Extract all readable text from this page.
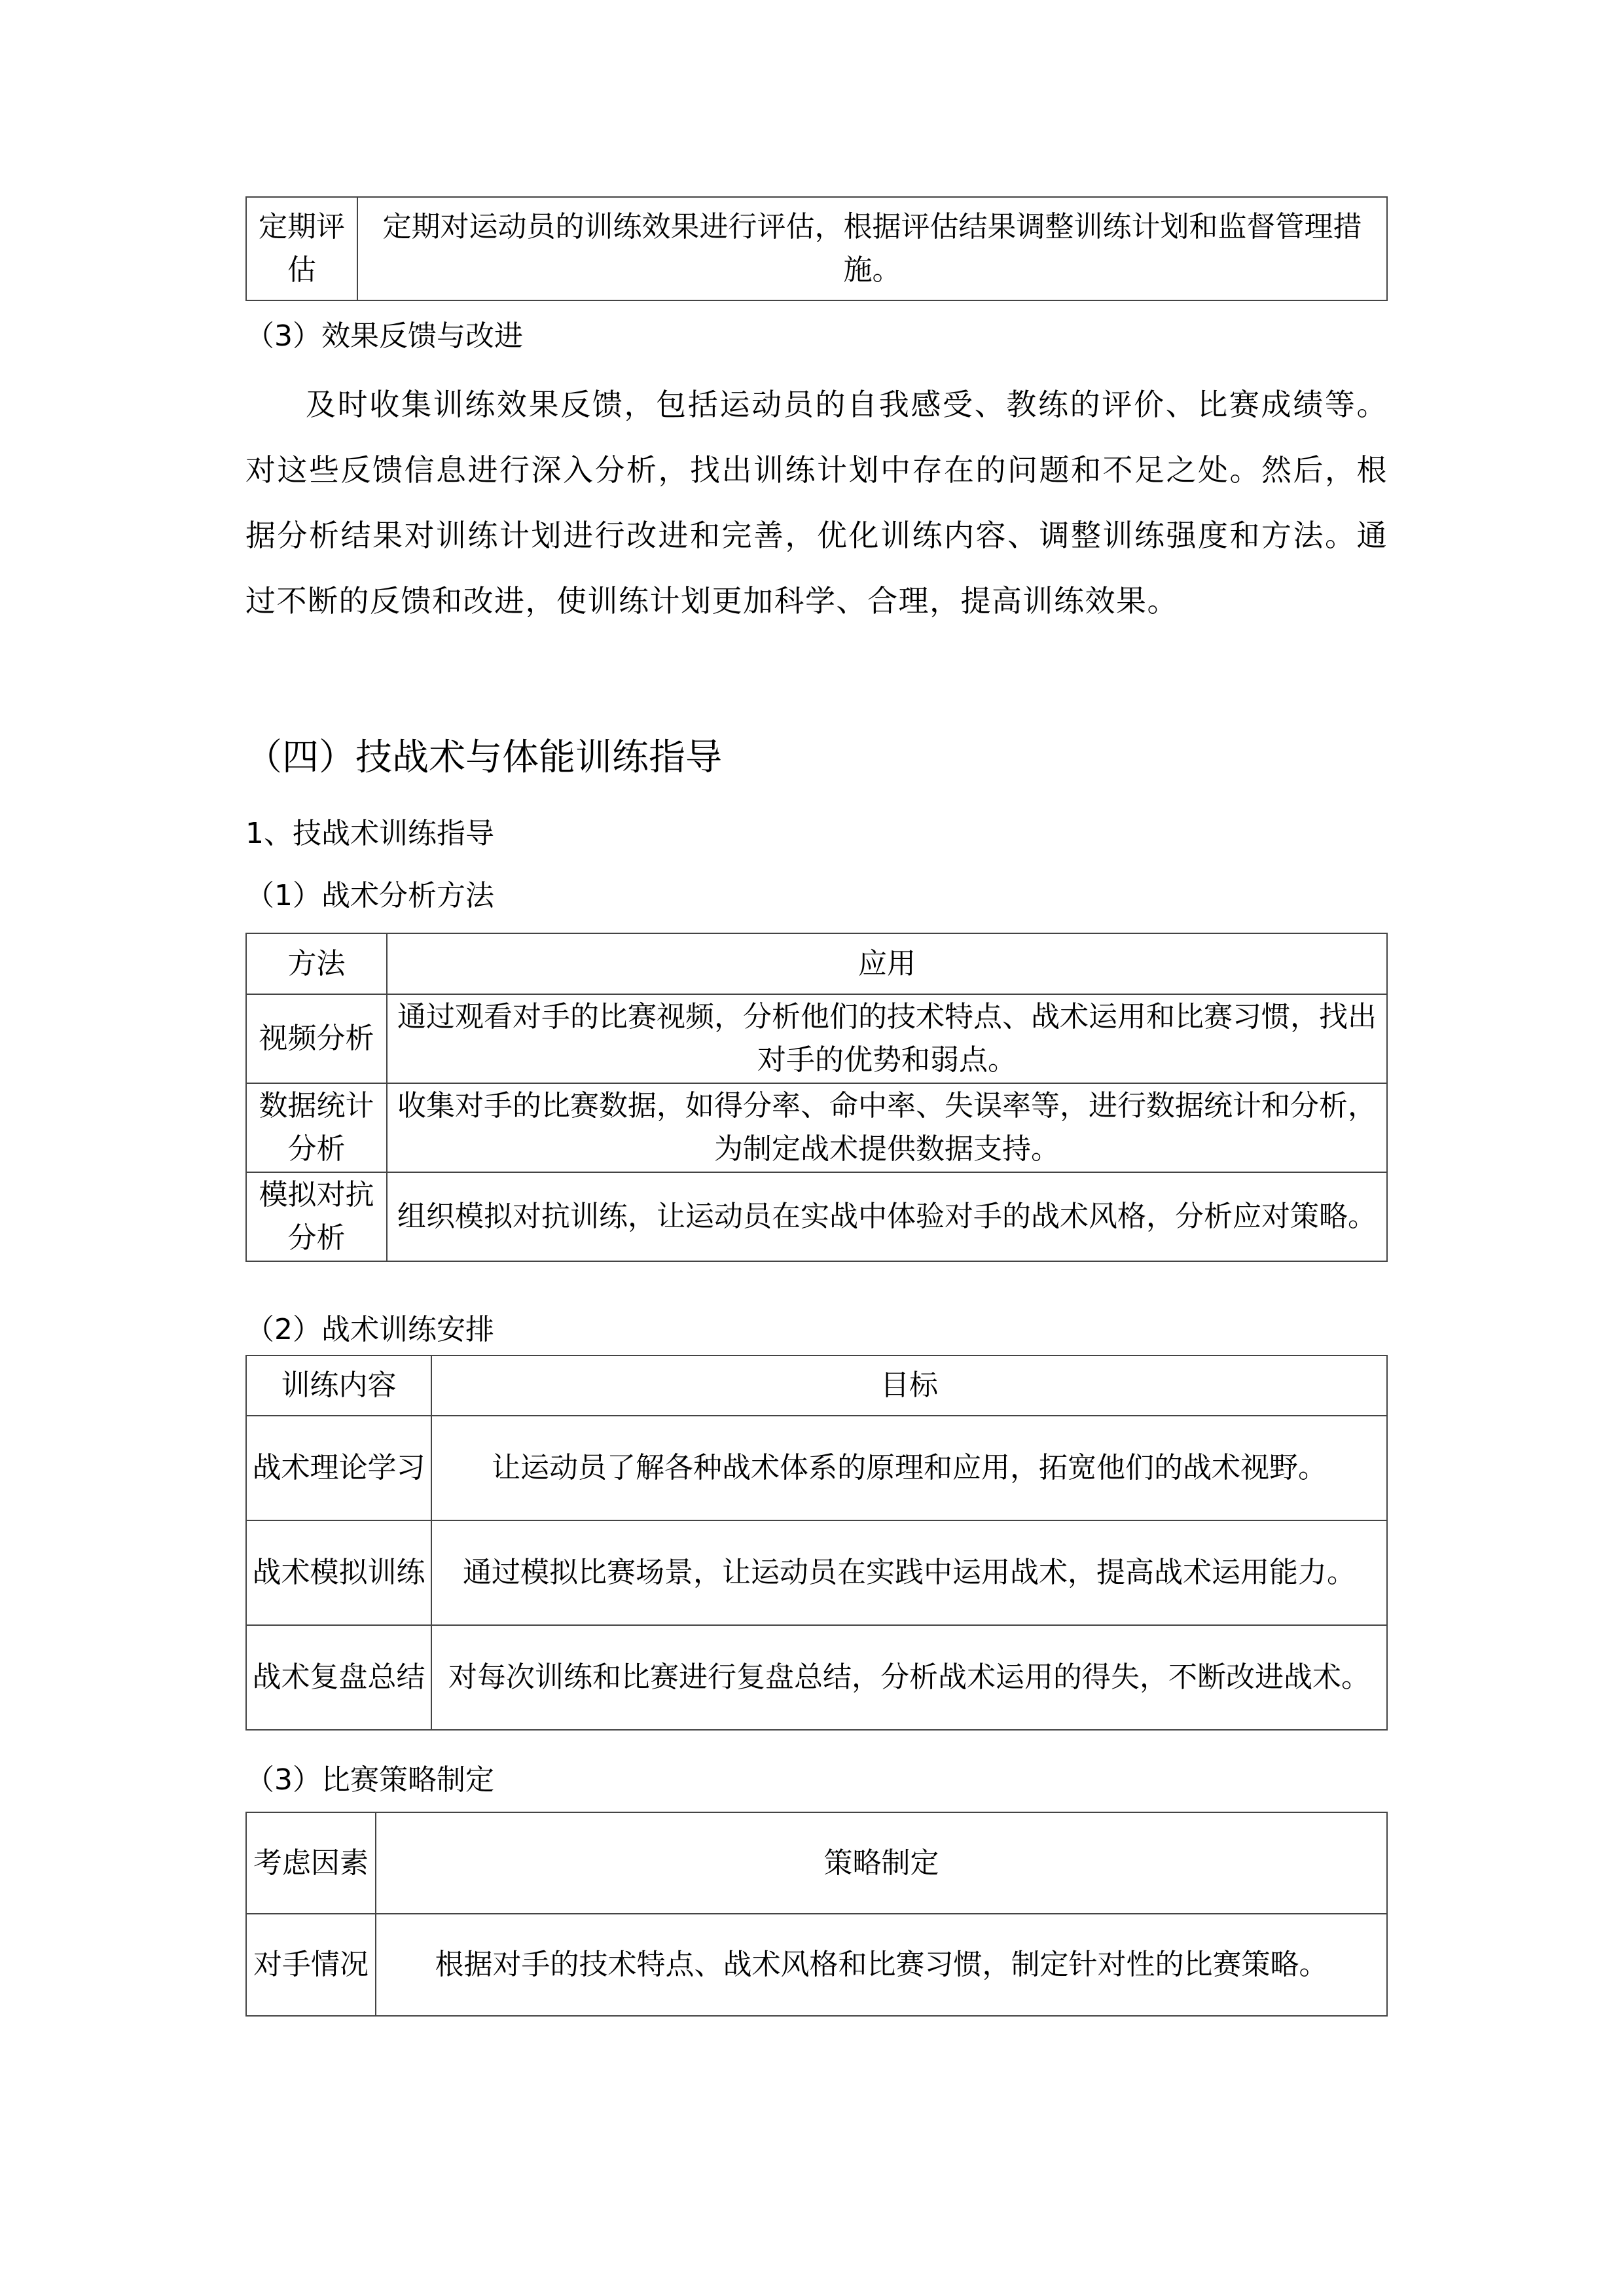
定期评估	定期对运动员的训练效果进行评估，根据评估结果调整训练计划和监督管理措施。
（3）效果反馈与改进
及时收集训练效果反馈，包括运动员的自我感受、教练的评价、比赛成绩等。对这些反馈信息进行深入分析，找出训练计划中存在的问题和不足之处。然后，根据分析结果对训练计划进行改进和完善，优化训练内容、调整训练强度和方法。通过不断的反馈和改进，使训练计划更加科学、合理，提高训练效果。
（四）技战术与体能训练指导
1、技战术训练指导
（1）战术分析方法
方法	应用
视频分析	通过观看对手的比赛视频，分析他们的技术特点、战术运用和比赛习惯，找出对手的优势和弱点。
数据统计分析	收集对手的比赛数据，如得分率、命中率、失误率等，进行数据统计和分析，为制定战术提供数据支持。
模拟对抗分析	组织模拟对抗训练，让运动员在实战中体验对手的战术风格，分析应对策略。
（2）战术训练安排
训练内容	目标
战术理论学习	让运动员了解各种战术体系的原理和应用，拓宽他们的战术视野。
战术模拟训练	通过模拟比赛场景，让运动员在实践中运用战术，提高战术运用能力。
战术复盘总结	对每次训练和比赛进行复盘总结，分析战术运用的得失，不断改进战术。
（3）比赛策略制定
考虑因素	策略制定
对手情况	根据对手的技术特点、战术风格和比赛习惯，制定针对性的比赛策略。
